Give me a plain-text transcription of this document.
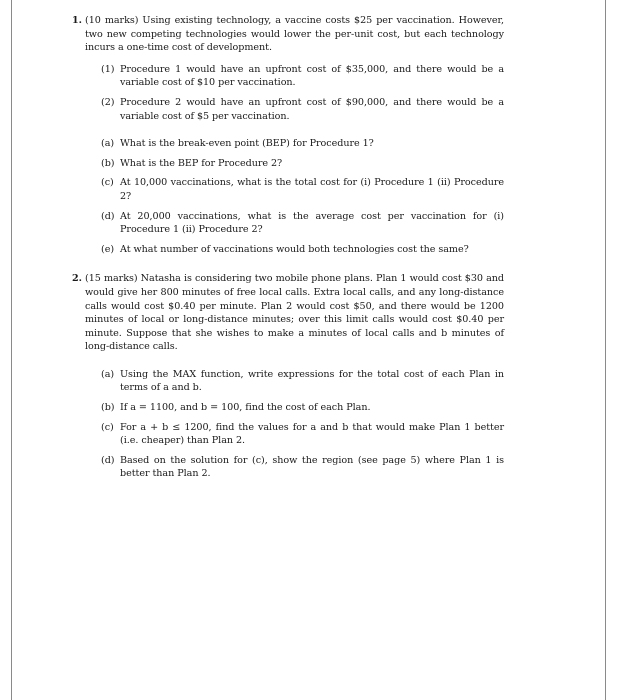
1. (10 marks) Using existing technology, a vaccine costs $25 per vaccination. However, two new competing technologies would lower the per-unit cost, but each technology incurs a one-time cost of development.

(1) Procedure 1 would have an upfront cost of $35,000, and there would be a variable cost of $10 per vaccination.
(2) Procedure 2 would have an upfront cost of $90,000, and there would be a variable cost of $5 per vaccination.
(a) What is the break-even point (BEP) for Procedure 1?
(b) What is the BEP for Procedure 2?
(c) At 10,000 vaccinations, what is the total cost for (i) Procedure 1 (ii) Procedure 2?
(d) At 20,000 vaccinations, what is the average cost per vaccination for (i) Procedure 1 (ii) Procedure 2?
(e) At what number of vaccinations would both technologies cost the same?
2. (15 marks) Natasha is considering two mobile phone plans. Plan 1 would cost $30 and would give her 800 minutes of free local calls. Extra local calls, and any long-distance calls would cost $0.40 per minute. Plan 2 would cost $50, and there would be 1200 minutes of local or long-distance minutes; over this limit calls would cost $0.40 per minute. Suppose that she wishes to make a minutes of local calls and b minutes of long-distance calls.

(a) Using the MAX function, write expressions for the total cost of each Plan in terms of a and b.
(b) If a = 1100, and b = 100, find the cost of each Plan.
(c) For a + b ≤ 1200, find the values for a and b that would make Plan 1 better (i.e. cheaper) than Plan 2.
(d) Based on the solution for (c), show the region (see page 5) where Plan 1 is better than Plan 2.
